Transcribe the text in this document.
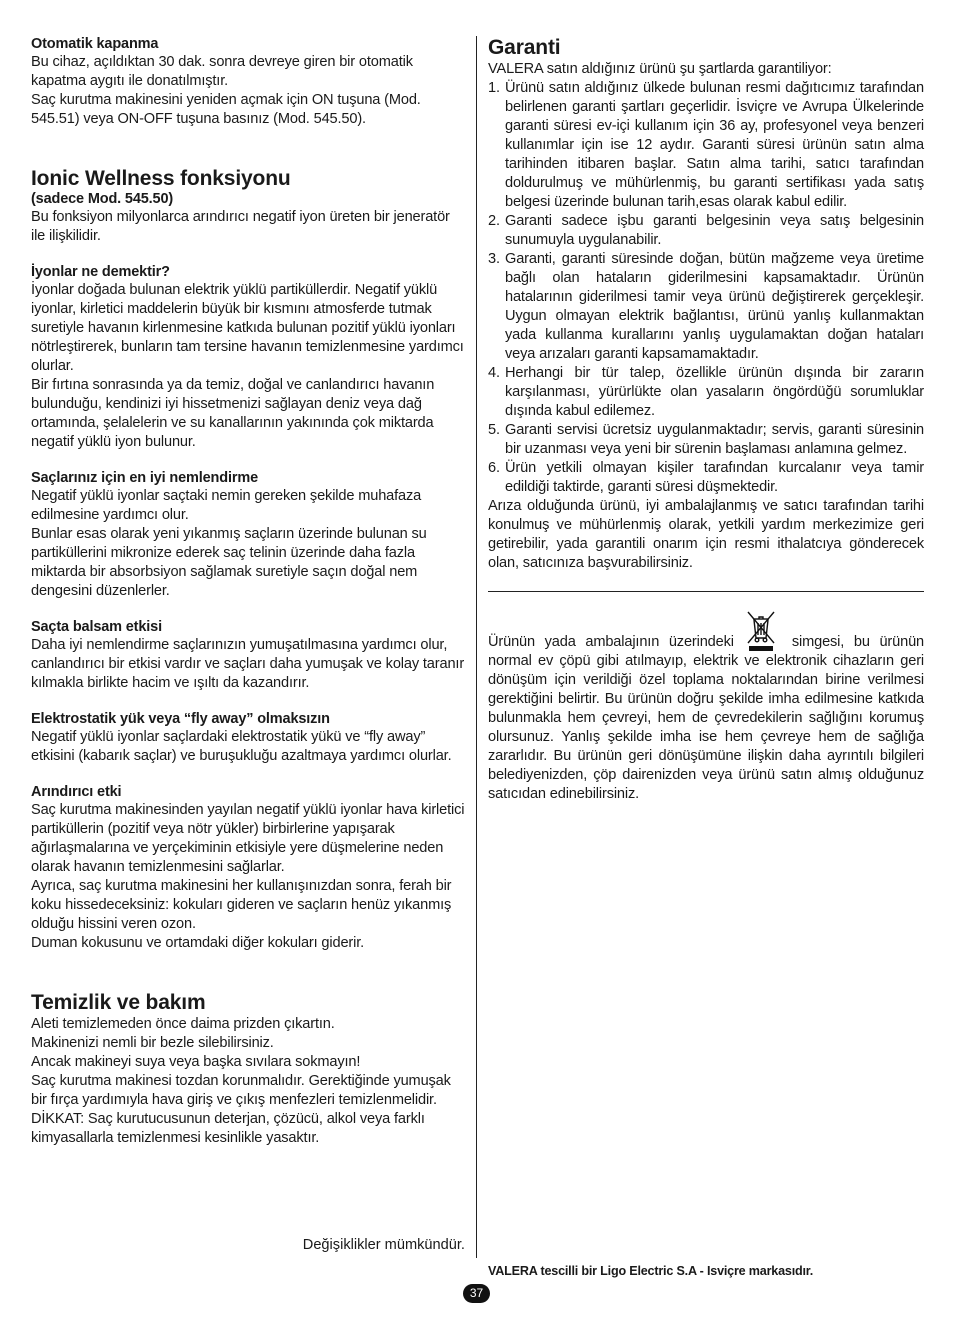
Otomatik kapanma

Bu cihaz, açıldıktan 30 dak. sonra devreye giren bir otomatik kapatma aygıtı ile donatılmıştır.

Saç kurutma makinesini yeniden açmak için ON tuşuna (Mod. 545.51) veya ON-OFF tuşuna basınız (Mod. 545.50).

Ionic Wellness fonksiyonu

(sadece Mod. 545.50)

Bu fonksiyon milyonlarca arındırıcı negatif iyon üreten bir jeneratör ile ilişkilidir.

İyonlar ne demektir?

İyonlar doğada bulunan elektrik yüklü partiküllerdir. Negatif yüklü iyonlar, kirletici maddelerin büyük bir kısmını atmosferde tutmak suretiyle havanın kirlenmesine katkıda bulunan pozitif yüklü iyonları nötrleştirerek, bunların tam tersine havanın temizlenmesine yardımcı olurlar.

Bir fırtına sonrasında ya da temiz, doğal ve canlandırıcı havanın bulunduğu, kendinizi iyi hissetmenizi sağlayan deniz veya dağ ortamında, şelalelerin ve su kanallarının yakınında çok miktarda negatif yüklü iyon bulunur.

Saçlarınız için en iyi nemlendirme

Negatif yüklü iyonlar saçtaki nemin gereken şekilde muhafaza edilmesine yardımcı olur.

Bunlar esas olarak yeni yıkanmış saçların üzerinde bulunan su partiküllerini mikronize ederek saç telinin üzerinde daha fazla miktarda bir absorbsiyon sağlamak suretiyle saçın doğal nem dengesini düzenlerler.

Saçta balsam etkisi

Daha iyi nemlendirme saçlarınızın yumuşatılmasına yardımcı olur, canlandırıcı bir etkisi vardır ve saçları daha yumuşak ve kolay taranır kılmakla birlikte hacim ve ışıltı da kazandırır.

Elektrostatik yük veya “fly away” olmaksızın

Negatif yüklü iyonlar saçlardaki elektrostatik yükü ve “fly away” etkisini (kabarık saçlar) ve buruşukluğu azaltmaya yardımcı olurlar.

Arındırıcı etki

Saç kurutma makinesinden yayılan negatif yüklü iyonlar hava kirletici partiküllerin (pozitif veya nötr yükler) birbirlerine yapışarak ağırlaşmalarına ve yerçekiminin etkisiyle yere düşmelerine neden olarak havanın temizlenmesini sağlarlar.

Ayrıca, saç kurutma makinesini her kullanışınızdan sonra, ferah bir koku hissedeceksiniz: kokuları gideren ve saçların henüz yıkanmış olduğu hissini veren ozon.

Duman kokusunu ve ortamdaki diğer kokuları giderir.

Temizlik ve bakım

Aleti temizlemeden önce daima prizden çıkartın.

Makinenizi nemli bir bezle silebilirsiniz.

Ancak makineyi suya veya başka sıvılara sokmayın!

Saç kurutma makinesi tozdan korunmalıdır. Gerektiğinde yumuşak bir fırça yardımıyla hava giriş ve çıkış menfezleri temizlenmelidir.

DİKKAT: Saç kurutucusunun deterjan, çözücü, alkol veya farklı kimyasallarla temizlenmesi kesinlikle yasaktır.

Değişiklikler mümkündür.

Garanti

VALERA satın aldığınız ürünü şu şartlarda garantiliyor:

1. Ürünü satın aldığınız ülkede bulunan resmi dağıtıcımız tarafından belirlenen garanti şartları geçerlidir. İsviçre ve Avrupa Ülkelerinde garanti süresi ev-içi kullanım için 36 ay, profesyonel veya benzeri kullanımlar için ise 12 aydır. Garanti süresi ürünün satın alma tarihinden itibaren başlar. Satın alma tarihi, satıcı tarafından doldurulmuş ve mühürlenmiş, bu garanti sertifikası yada satış belgesi üzerinde bulunan tarih,esas olarak kabul edilir.
2. Garanti sadece işbu garanti belgesinin veya satış belgesinin sunumuyla uygulanabilir.
3. Garanti, garanti süresinde doğan, bütün mağzeme veya üretime bağlı olan hataların giderilmesini kapsamaktadır. Ürünün hatalarının giderilmesi tamir veya ürünü değiştirerek gerçekleşir. Uygun olmayan elektrik bağlantısı, ürünü yanlış kullanmaktan yada kullanma kurallarını yanlış uygulamaktan doğan hataları veya arızaları garanti kapsamamaktadır.
4. Herhangi bir tür talep, özellikle ürünün dışında bir zararın karşılanması, yürürlükte olan yasaların öngördüğü sorumluklar dışında kabul edilemez.
5. Garanti servisi ücretsiz uygulanmaktadır; servis, garanti süresinin bir uzanması veya yeni bir sürenin başlaması anlamına gelmez.
6. Ürün yetkili olmayan kişiler tarafından kurcalanır veya tamir edildiği taktirde, garanti süresi düşmektedir.

Arıza olduğunda ürünü, iyi ambalajlanmış ve satıcı tarafından tarihi konulmuş ve mühürlenmiş olarak, yetkili yardım merkezimize geri getirebilir, yada garantili onarım için resmi ithalatcıya gönderecek olan, satıcınıza başvurabilirsiniz.

Ürünün yada ambalajının üzerindeki	simgesi, bu ürünün normal ev çöpü gibi atılmayıp, elektrik ve elektronik cihazların geri dönüşüm için verildiği özel toplama noktalarından birine verilmesi gerektiğini belirtir. Bu ürünün doğru şekilde imha edilmesine katkıda bulunmakla hem çevreyi, hem de çevredekilerin sağlığını korumuş olursunuz. Yanlış şekilde imha ise hem çevreye hem de sağlığa zararlıdır. Bu ürünün geri dönüşümüne ilişkin daha ayrıntılı bilgileri belediyenizden, çöp dairenizden veya ürünü satın almış olduğunuz satıcıdan edinebilirsiniz.

VALERA tescilli bir Ligo Electric S.A - Isviçre markasıdır.
37
